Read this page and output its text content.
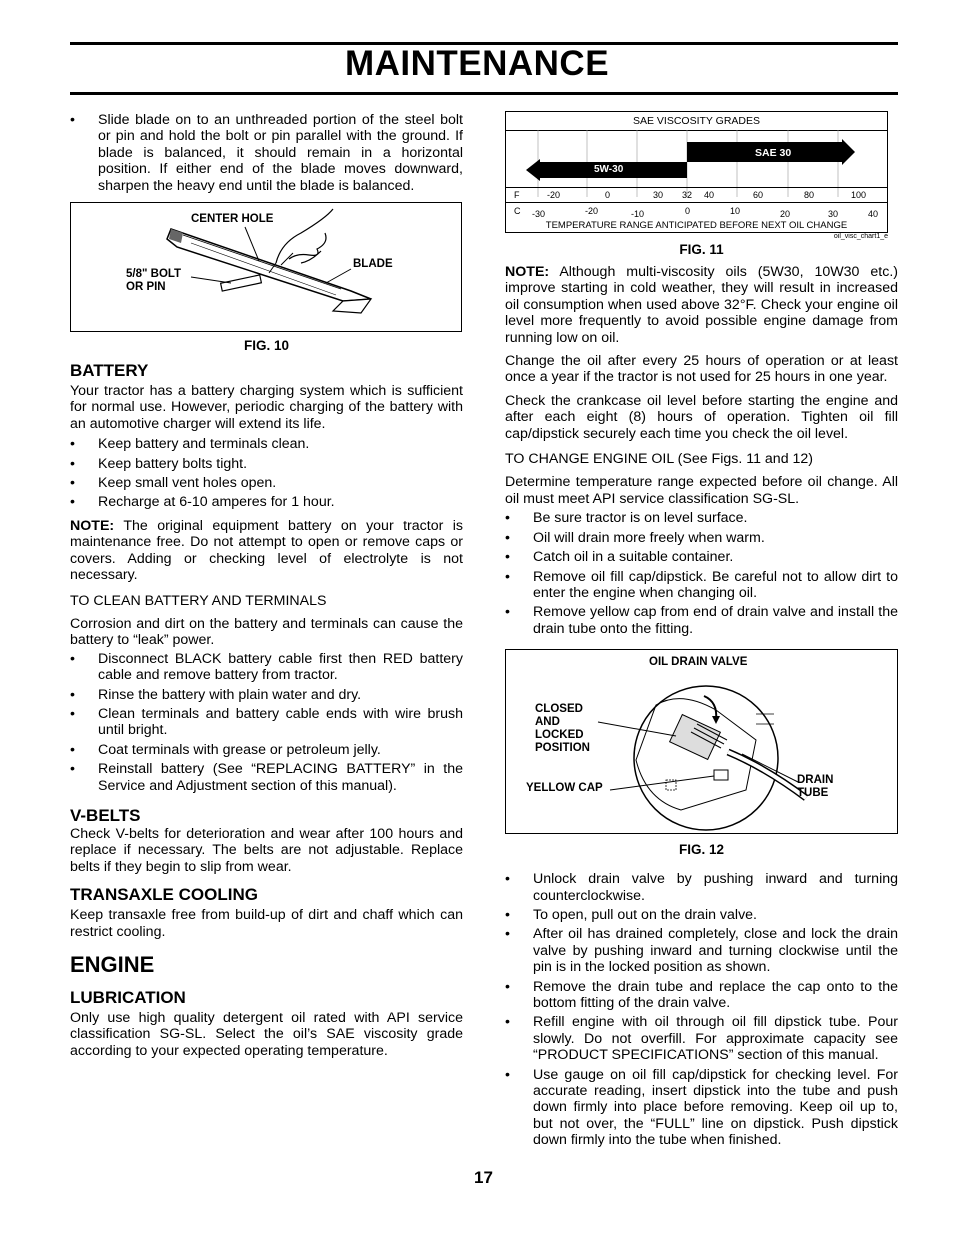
MAINTENANCE
• Slide blade on to an unthreaded portion of the steel bolt or pin and hold the bolt or pin parallel with the ground. If blade is balanced, it should remain in a horizontal position. If either end of the blade moves downward, sharpen the heavy end until the blade is balanced.
CENTER HOLE
5/8" BOLT
OR PIN
BLADE
FIG. 10
BATTERY

Your tractor has a battery charging system which is sufficient for normal use. However, periodic charging of the battery with an automotive charger will extend its life.

• Keep battery and terminals clean.
• Keep battery bolts tight.
• Keep small vent holes open.
• Recharge at 6-10 amperes for 1 hour.

NOTE: The original equipment battery on your tractor is maintenance free. Do not attempt to open or remove caps or covers. Adding or checking level of electrolyte is not necessary.

TO CLEAN BATTERY AND TERMINALS

Corrosion and dirt on the battery and terminals can cause the battery to “leak” power.

• Disconnect BLACK battery cable first then RED battery cable and remove battery from tractor.
• Rinse the battery with plain water and dry.
• Clean terminals and battery cable ends with wire brush until bright.
• Coat terminals with grease or petroleum jelly.
• Reinstall battery (See “REPLACING BATTERY” in the Service and Adjustment section of this manual).
V-BELTS

Check V-belts for deterioration and wear after 100 hours and replace if necessary. The belts are not adjustable. Replace belts if they begin to slip from wear.

TRANSAXLE COOLING

Keep transaxle free from build-up of dirt and chaff which can restrict cooling.

ENGINE
LUBRICATION

Only use high quality detergent oil rated with API service classification SG-SL. Select the oil’s SAE viscosity grade according to your expected operating temperature.

SAE VISCOSITY GRADES
5W-30
SAE 30
F	-20	0	30 32 40	60	80	100
C -30	-20	-10	0	10	20	30	40
TEMPERATURE RANGE ANTICIPATED BEFORE NEXT OIL CHANGE
oil_visc_chart1_e
FIG. 11

NOTE: Although multi-viscosity oils (5W30, 10W30 etc.) improve starting in cold weather, they will result in increased oil consumption when used above 32°F. Check your engine oil level more frequently to avoid possible engine damage from running low on oil.

Change the oil after every 25 hours of operation or at least once a year if the tractor is not used for 25 hours in one year.

Check the crankcase oil level before starting the engine and after each eight (8) hours of operation. Tighten oil fill cap/dipstick securely each time you check the oil level.

TO CHANGE ENGINE OIL (See Figs. 11 and 12)

Determine temperature range expected before oil change. All oil must meet API service classification SG-SL.

• Be sure tractor is on level surface.
• Oil will drain more freely when warm.
• Catch oil in a suitable container.
• Remove oil fill cap/dipstick. Be careful not to allow dirt to enter the engine when changing oil.
• Remove yellow cap from end of drain valve and install the drain tube onto the fitting.
OIL DRAIN VALVE
CLOSED
AND
LOCKED
POSITION
YELLOW CAP
DRAIN
TUBE
FIG. 12
• Unlock drain valve by pushing inward and turning counterclockwise.
• To open, pull out on the drain valve.
• After oil has drained completely, close and lock the drain valve by pushing inward and turning clockwise until the pin is in the locked position as shown.
• Remove the drain tube and replace the cap onto to the bottom fitting of the drain valve.
• Refill engine with oil through oil fill dipstick tube. Pour slowly. Do not overfill. For approximate capacity see “PRODUCT SPECIFICATIONS” section of this manual.
• Use gauge on oil fill cap/dipstick for checking level. For accurate reading, insert dipstick into the tube and push down firmly into place before removing. Keep oil up to, but not over, the “FULL” line on dipstick. Push dipstick down firmly into the tube when finished.
17
